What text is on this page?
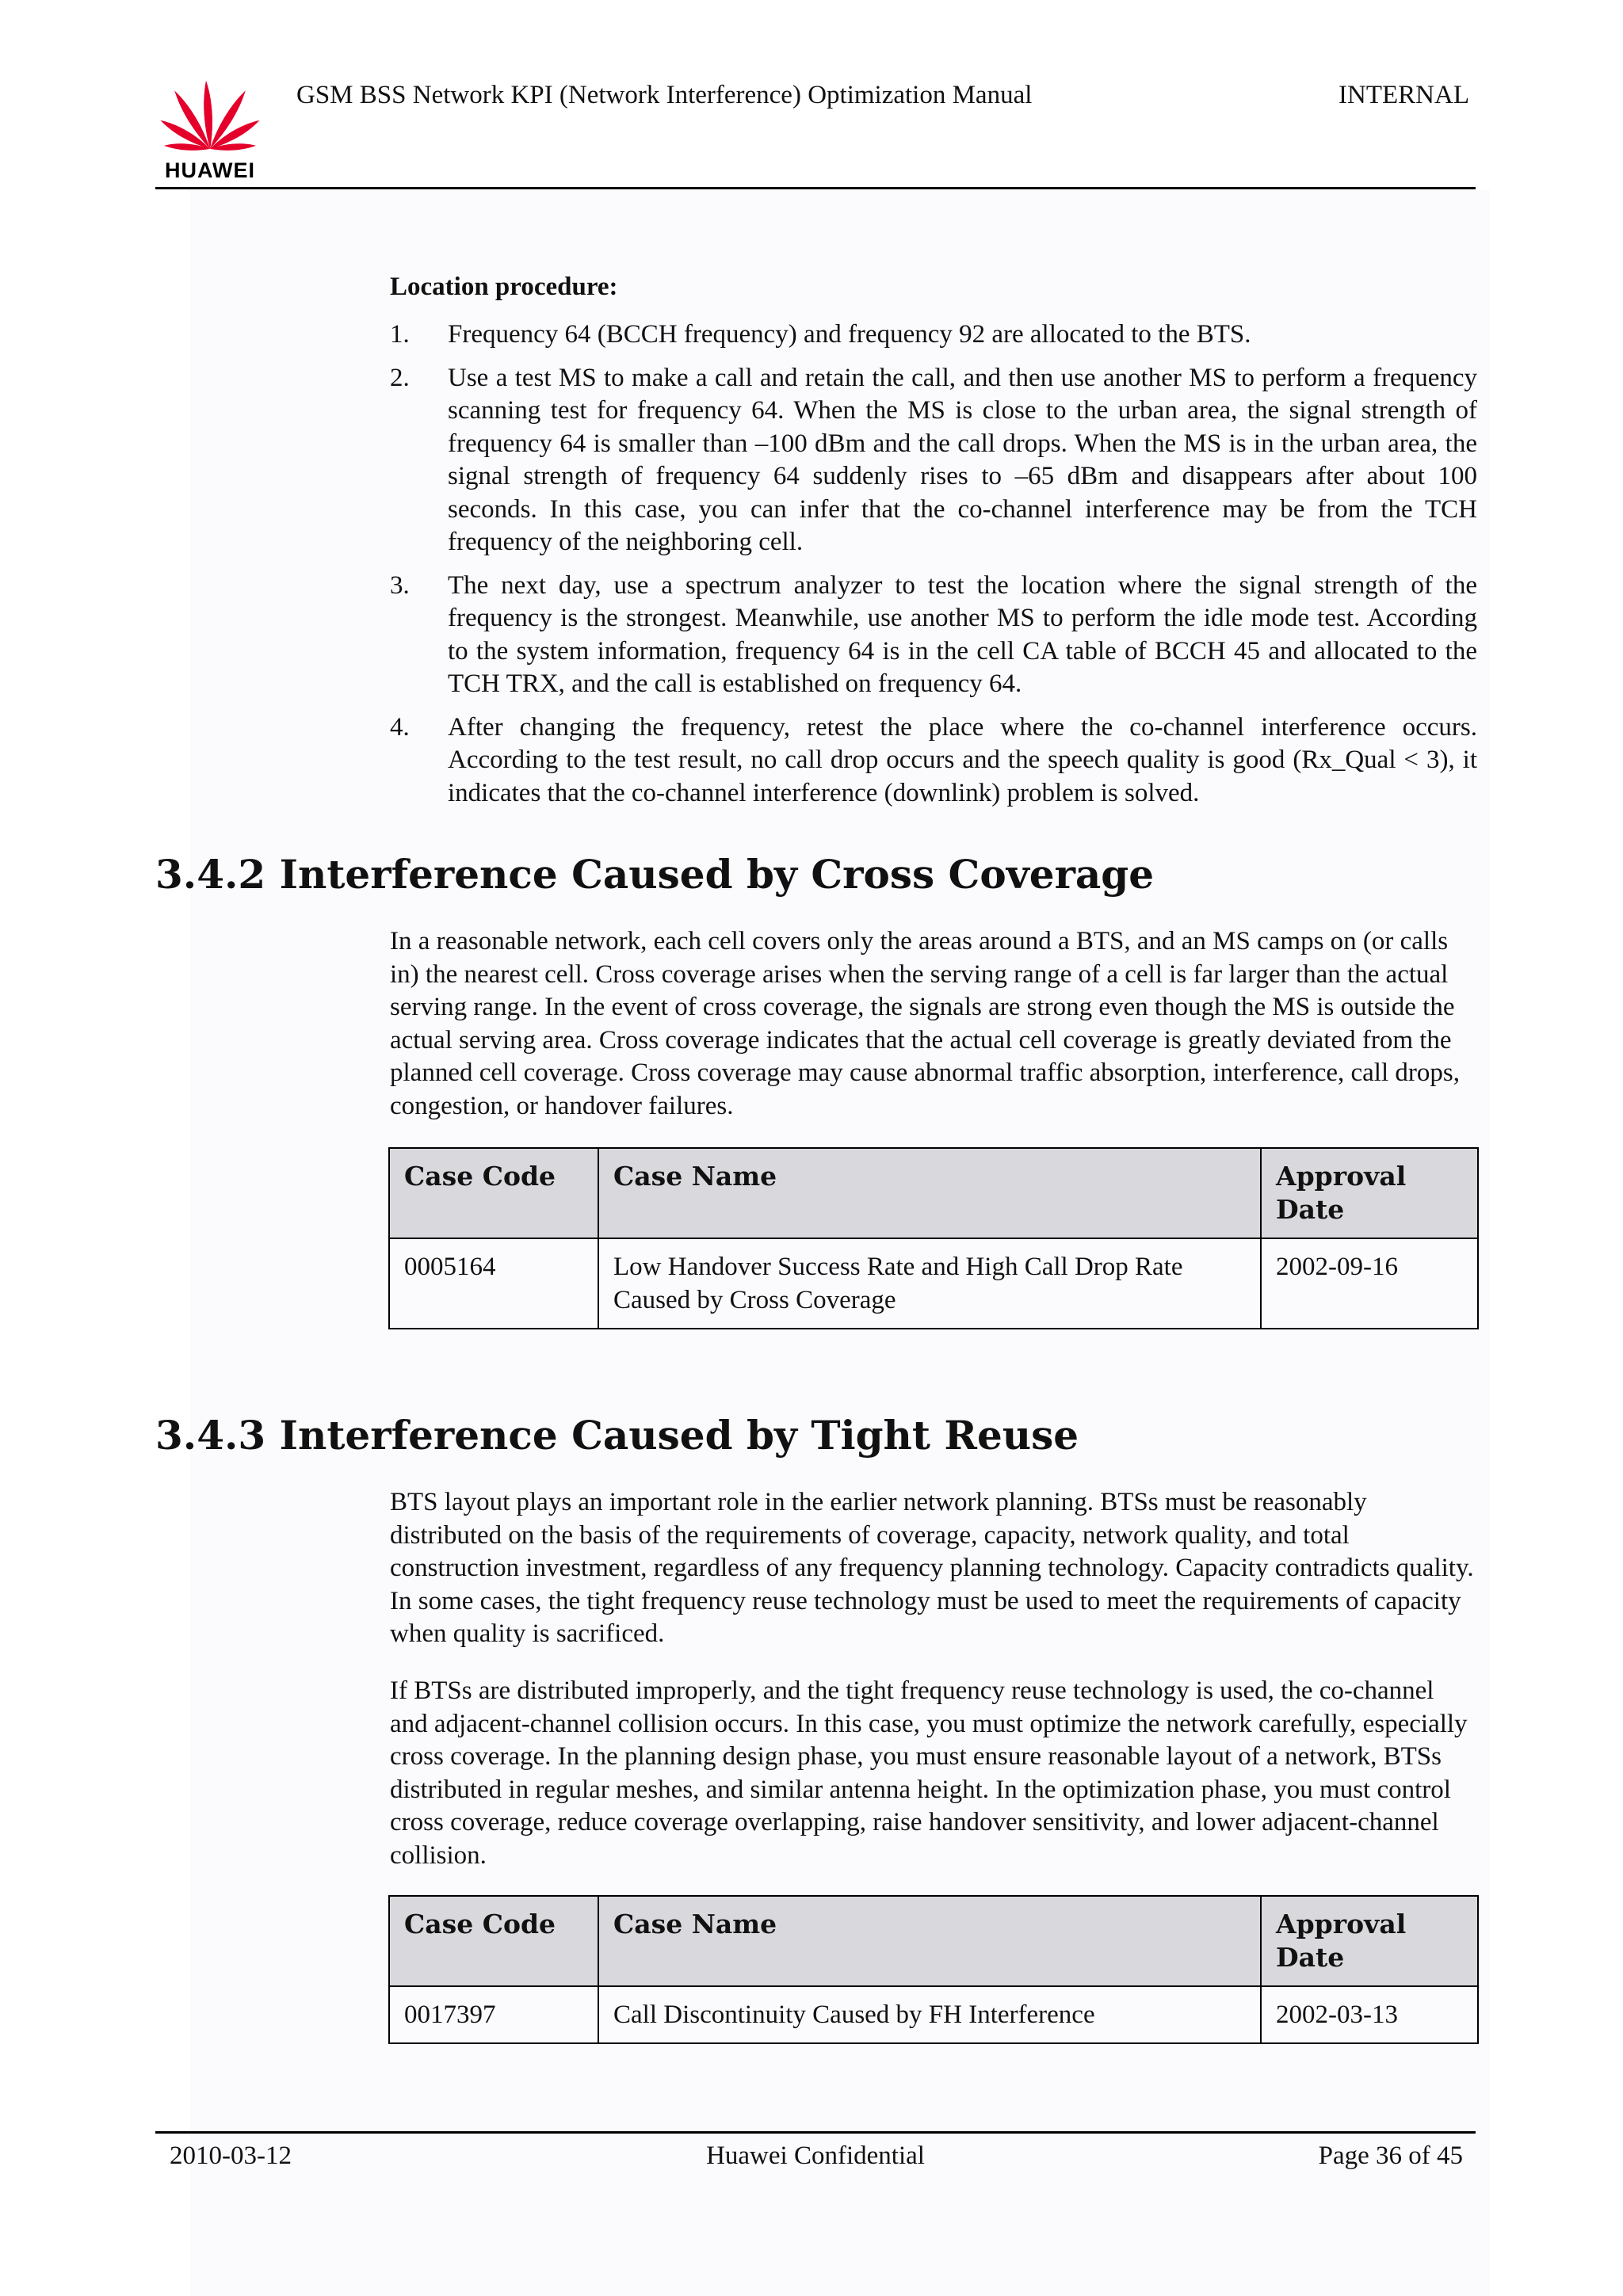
HUAWEI
GSM BSS Network KPI (Network Interference) Optimization Manual	INTERNAL
Location procedure:
1. Frequency 64 (BCCH frequency) and frequency 92 are allocated to the BTS.
2. Use a test MS to make a call and retain the call, and then use another MS to perform a frequency scanning test for frequency 64. When the MS is close to the urban area, the signal strength of frequency 64 is smaller than –100 dBm and the call drops. When the MS is in the urban area, the signal strength of frequency 64 suddenly rises to –65 dBm and disappears after about 100 seconds. In this case, you can infer that the co-channel interference may be from the TCH frequency of the neighboring cell.
3. The next day, use a spectrum analyzer to test the location where the signal strength of the frequency is the strongest. Meanwhile, use another MS to perform the idle mode test. According to the system information, frequency 64 is in the cell CA table of BCCH 45 and allocated to the TCH TRX, and the call is established on frequency 64.
4. After changing the frequency, retest the place where the co-channel interference occurs. According to the test result, no call drop occurs and the speech quality is good (Rx_Qual < 3), it indicates that the co-channel interference (downlink) problem is solved.
3.4.2 Interference Caused by Cross Coverage

In a reasonable network, each cell covers only the areas around a BTS, and an MS camps on (or calls in) the nearest cell. Cross coverage arises when the serving range of a cell is far larger than the actual serving range. In the event of cross coverage, the signals are strong even though the MS is outside the actual serving area. Cross coverage indicates that the actual cell coverage is greatly deviated from the planned cell coverage. Cross coverage may cause abnormal traffic absorption, interference, call drops, congestion, or handover failures.

Case Code	Case Name	Approval Date
0005164	Low Handover Success Rate and High Call Drop Rate Caused by Cross Coverage	2002-09-16
3.4.3 Interference Caused by Tight Reuse

BTS layout plays an important role in the earlier network planning. BTSs must be reasonably distributed on the basis of the requirements of coverage, capacity, network quality, and total construction investment, regardless of any frequency planning technology. Capacity contradicts quality. In some cases, the tight frequency reuse technology must be used to meet the requirements of capacity when quality is sacrificed.

If BTSs are distributed improperly, and the tight frequency reuse technology is used, the co-channel and adjacent-channel collision occurs. In this case, you must optimize the network carefully, especially cross coverage. In the planning design phase, you must ensure reasonable layout of a network, BTSs distributed in regular meshes, and similar antenna height. In the optimization phase, you must control cross coverage, reduce coverage overlapping, raise handover sensitivity, and lower adjacent-channel collision.

Case Code	Case Name	Approval Date
0017397	Call Discontinuity Caused by FH Interference	2002-03-13
2010-03-12	Huawei Confidential	Page 36 of 45
